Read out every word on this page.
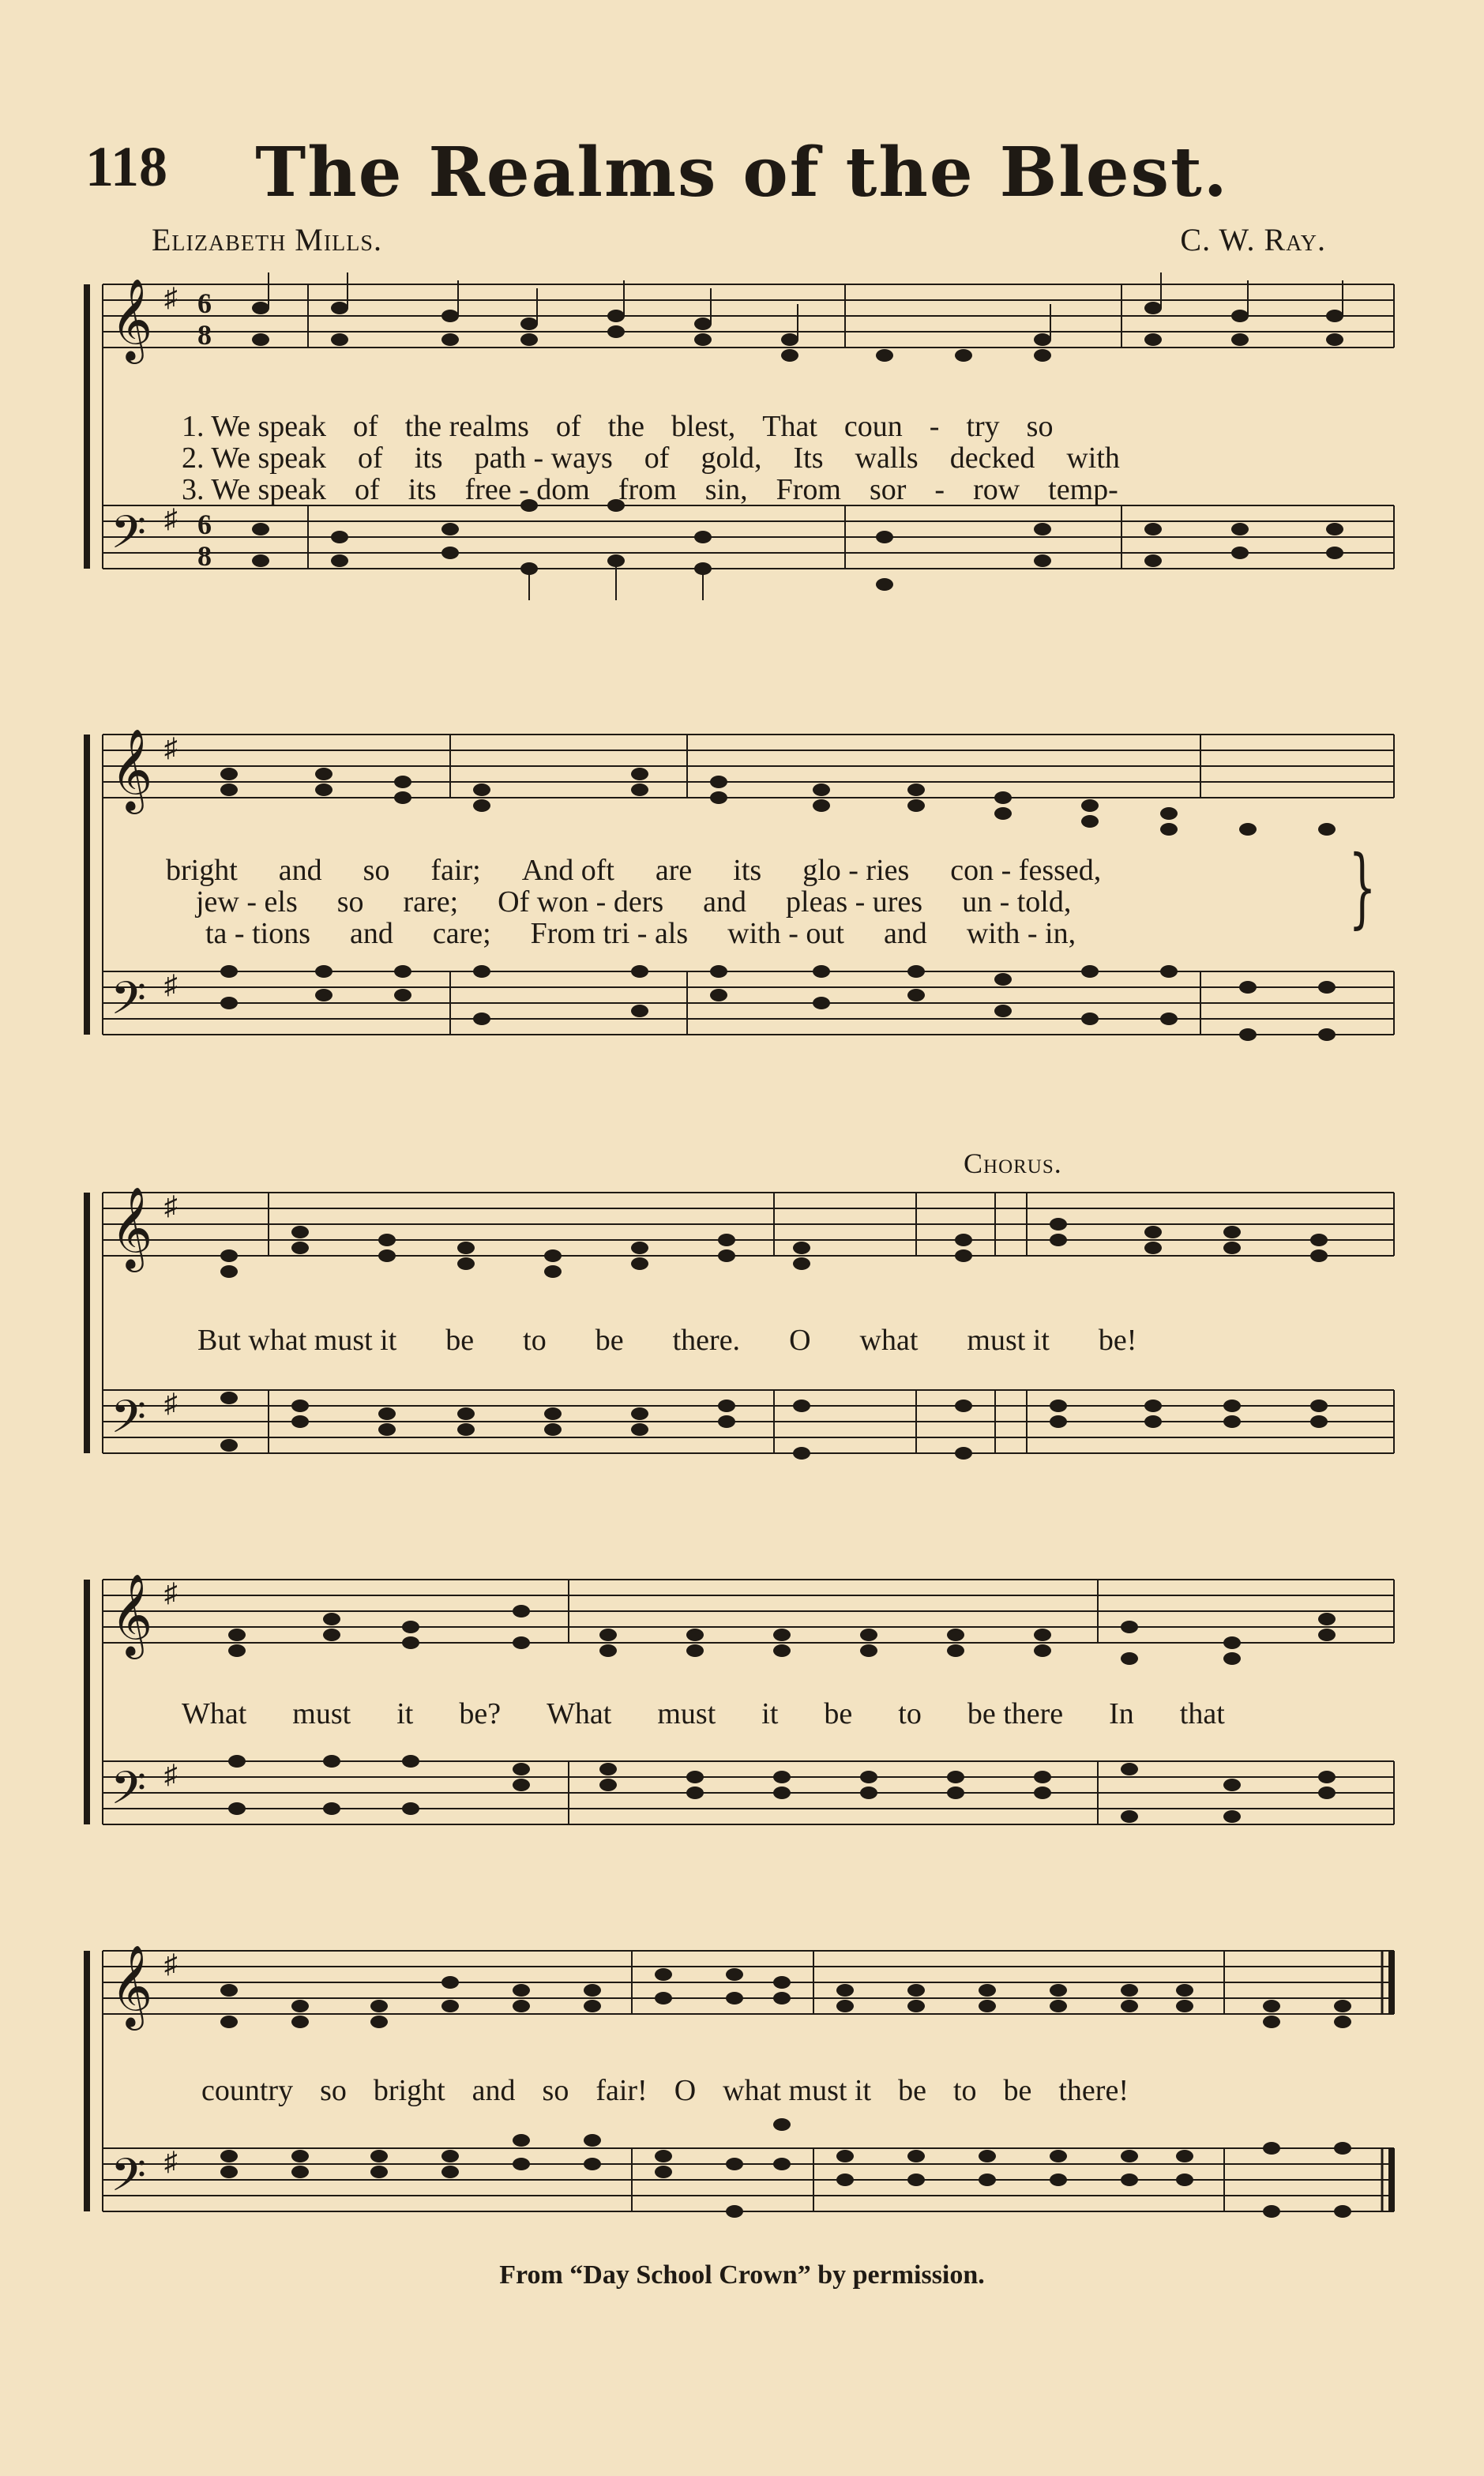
118	The Realms of the Blest.
Elizabeth Mills.	C. W. Ray.
𝄞
𝄢
♯ 6
8
♯ 6
8
1. We speak of the realms of the blest, That coun - try so
2. We speak of its path - ways of gold, Its walls decked with
3. We speak of its free - dom from sin, From sor - row temp-
𝄞
𝄢
♯
♯
bright and so fair; And oft are its glo - ries con - fessed,
jew - els so rare; Of won - ders and pleas - ures un - told,
ta - tions and care; From tri - als with - out and with - in,	}
Chorus.
𝄞
𝄢
♯
♯
But what must it be to be there. O what must it be!
𝄞
𝄢
♯
♯
What must it be? What must it be to be there In that
𝄞
𝄢
♯
♯
country so bright and so fair! O what must it be to be there!
From “Day School Crown” by permission.
